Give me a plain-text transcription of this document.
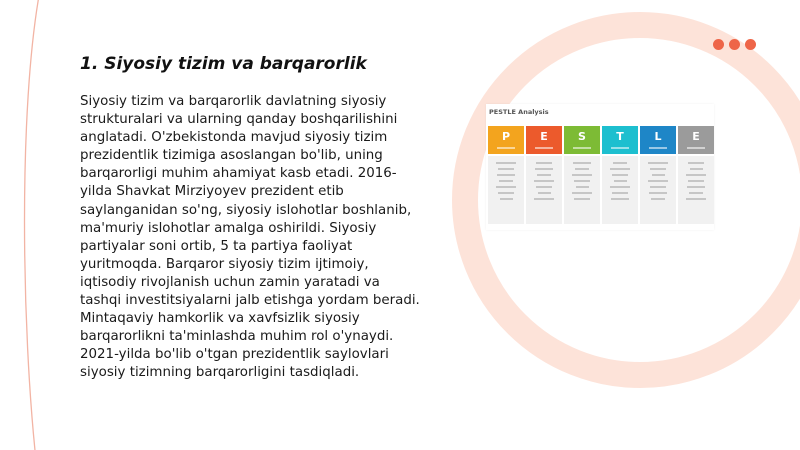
1. Siyosiy tizim va barqarorlik

Siyosiy tizim va barqarorlik davlatning siyosiy strukturalari va ularning qanday boshqarilishini anglatadi. O'zbekistonda mavjud siyosiy tizim prezidentlik tizimiga asoslangan bo'lib, uning barqarorligi muhim ahamiyat kasb etadi. 2016-yilda Shavkat Mirziyoyev prezident etib saylanganidan so'ng, siyosiy islohotlar boshlanib, ma'muriy islohotlar amalga oshirildi. Siyosiy partiyalar soni ortib, 5 ta partiya faoliyat yuritmoqda. Barqaror siyosiy tizim ijtimoiy, iqtisodiy rivojlanish uchun zamin yaratadi va tashqi investitsiyalarni jalb etishga yordam beradi. Mintaqaviy hamkorlik va xavfsizlik siyosiy barqarorlikni ta'minlashda muhim rol o'ynaydi. 2021-yilda bo'lib o'tgan prezidentlik saylovlari siyosiy tizimning barqarorligini tasdiqladi.

PESTLE Analysis
P	E	S	T	L	E
